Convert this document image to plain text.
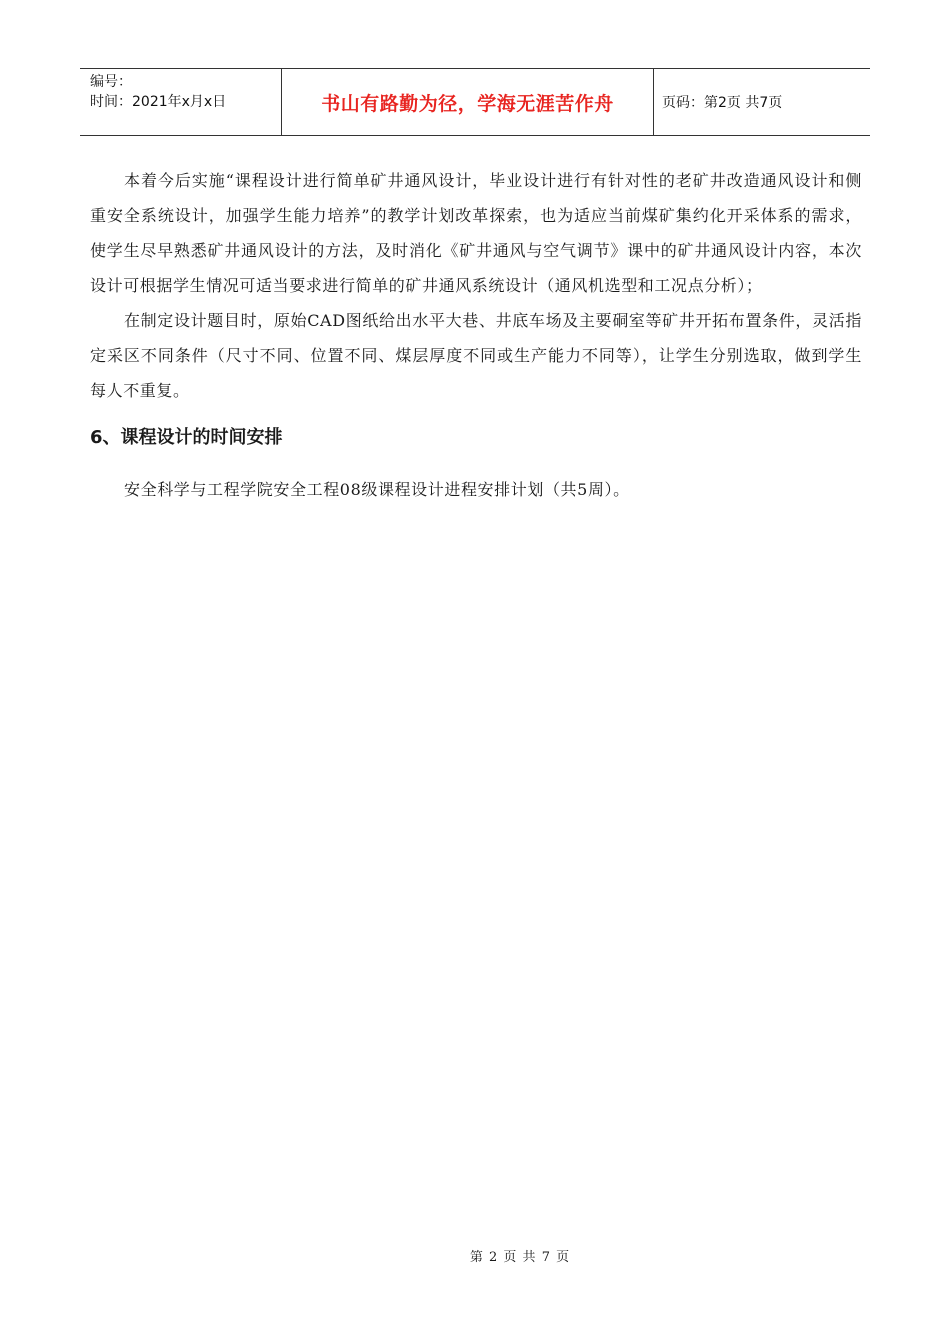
编号：
时间：2021年x月x日	书山有路勤为径，学海无涯苦作舟	页码：第2页 共7页

本着今后实施“课程设计进行简单矿井通风设计，毕业设计进行有针对性的老矿井改造通风设计和侧重安全系统设计，加强学生能力培养”的教学计划改革探索，也为适应当前煤矿集约化开采体系的需求，使学生尽早熟悉矿井通风设计的方法，及时消化《矿井通风与空气调节》课中的矿井通风设计内容，本次设计可根据学生情况可适当要求进行简单的矿井通风系统设计（通风机选型和工况点分析）；

在制定设计题目时，原始CAD图纸给出水平大巷、井底车场及主要硐室等矿井开拓布置条件，灵活指定采区不同条件（尺寸不同、位置不同、煤层厚度不同或生产能力不同等），让学生分别选取，做到学生每人不重复。

6、课程设计的时间安排

安全科学与工程学院安全工程08级课程设计进程安排计划（共5周）。

第 2 页 共 7 页
